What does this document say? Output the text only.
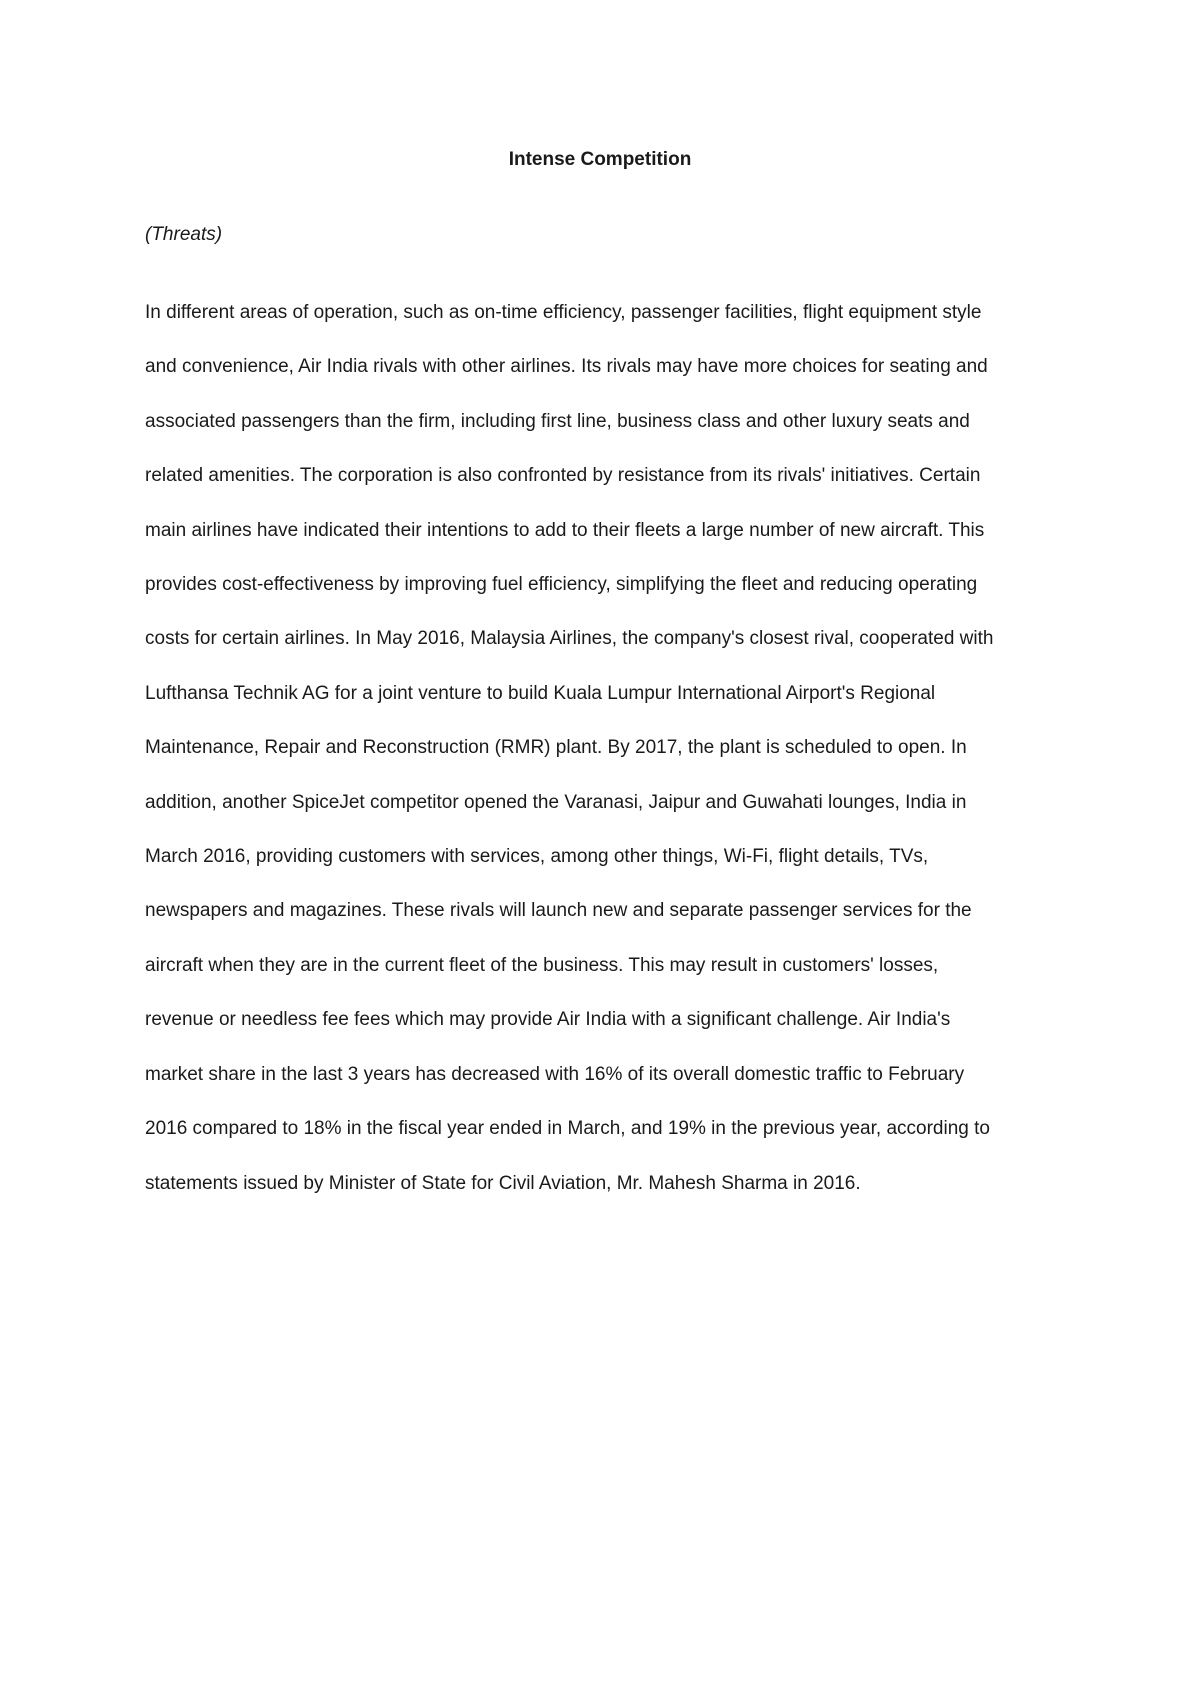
Intense Competition

(Threats)

In different areas of operation, such as on-time efficiency, passenger facilities, flight equipment style
and convenience, Air India rivals with other airlines. Its rivals may have more choices for seating and
associated passengers than the firm, including first line, business class and other luxury seats and
related amenities. The corporation is also confronted by resistance from its rivals' initiatives. Certain
main airlines have indicated their intentions to add to their fleets a large number of new aircraft. This
provides cost-effectiveness by improving fuel efficiency, simplifying the fleet and reducing operating
costs for certain airlines. In May 2016, Malaysia Airlines, the company's closest rival, cooperated with
Lufthansa Technik AG for a joint venture to build Kuala Lumpur International Airport's Regional
Maintenance, Repair and Reconstruction (RMR) plant. By 2017, the plant is scheduled to open. In
addition, another SpiceJet competitor opened the Varanasi, Jaipur and Guwahati lounges, India in
March 2016, providing customers with services, among other things, Wi-Fi, flight details, TVs,
newspapers and magazines. These rivals will launch new and separate passenger services for the
aircraft when they are in the current fleet of the business. This may result in customers' losses,
revenue or needless fee fees which may provide Air India with a significant challenge. Air India's
market share in the last 3 years has decreased with 16% of its overall domestic traffic to February
2016 compared to 18% in the fiscal year ended in March, and 19% in the previous year, according to
statements issued by Minister of State for Civil Aviation, Mr. Mahesh Sharma in 2016.
